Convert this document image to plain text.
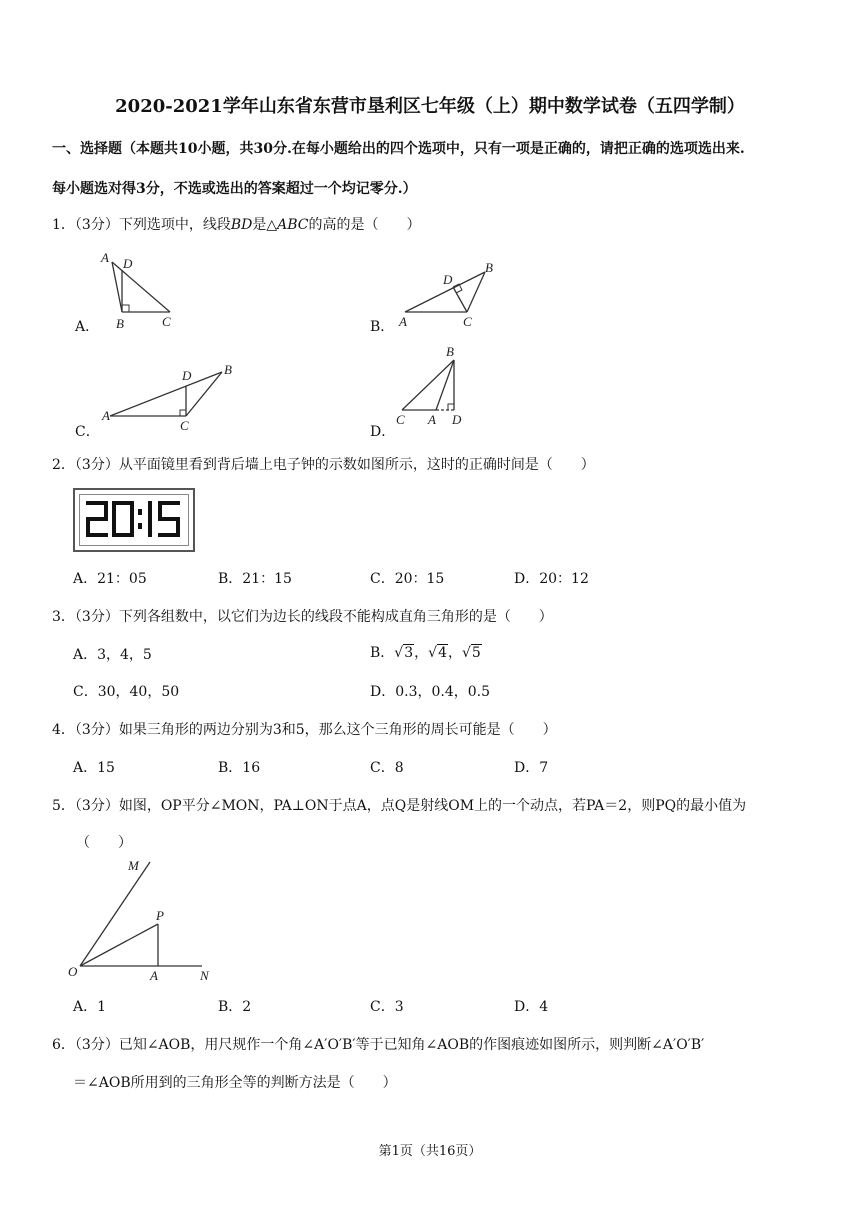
2020-2021学年山东省东营市垦利区七年级（上）期中数学试卷（五四学制）
一、选择题（本题共10小题，共30分.在每小题给出的四个选项中，只有一项是正确的，请把正确的选项选出来.
每小题选对得3分，不选或选出的答案超过一个均记零分.）
1．（3分）下列选项中，线段BD是△ABC的高的是（　　）
A．
A D
B	C	B．
D
B
A	C
C．
D	B
A
C	D．
B
C A D
2．（3分）从平面镜里看到背后墙上电子钟的示数如图所示，这时的正确时间是（　　）
A．21：05	B．21：15	C．20：15	D．20：12
3．（3分）下列各组数中，以它们为边长的线段不能构成直角三角形的是（　　）
A．3，4，5	B．√3，√4，√5
C．30，40，50	D．0.3，0.4，0.5
4．（3分）如果三角形的两边分别为3和5，那么这个三角形的周长可能是（　　）
A．15	B．16	C．8	D．7
5．（3分）如图，OP平分∠MON，PA⊥ON于点A，点Q是射线OM上的一个动点，若PA＝2，则PQ的最小值为
（　　）
M
P
O	A	N
A．1	B．2	C．3	D．4
6．（3分）已知∠AOB，用尺规作一个角∠A′O′B′等于已知角∠AOB的作图痕迹如图所示，则判断∠A′O′B′
＝∠AOB所用到的三角形全等的判断方法是（　　）
第1页（共16页）
